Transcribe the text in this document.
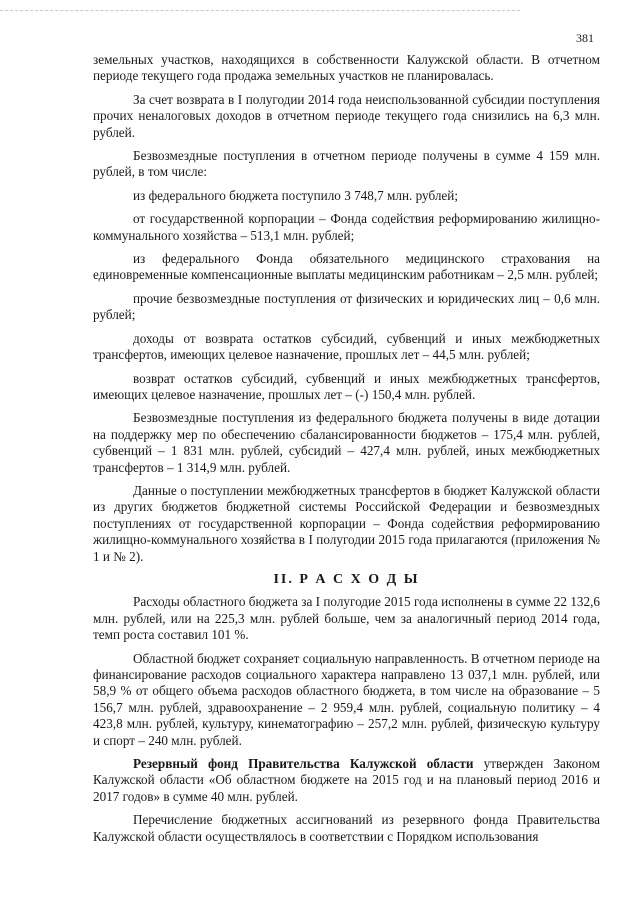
381

земельных участков, находящихся в собственности Калужской области. В отчетном периоде текущего года продажа земельных участков не планировалась.

За счет возврата в I полугодии 2014 года неиспользованной субсидии поступления прочих неналоговых доходов в отчетном периоде текущего года снизились на 6,3 млн. рублей.

Безвозмездные поступления в отчетном периоде получены в сумме 4 159 млн. рублей, в том числе:

из федерального бюджета поступило 3 748,7 млн. рублей;

от государственной корпорации – Фонда содействия реформированию жилищно-коммунального хозяйства – 513,1 млн. рублей;

из федерального Фонда обязательного медицинского страхования на единовременные компенсационные выплаты медицинским работникам – 2,5 млн. рублей;

прочие безвозмездные поступления от физических и юридических лиц – 0,6 млн. рублей;

доходы от возврата остатков субсидий, субвенций и иных межбюджетных трансфертов, имеющих целевое назначение, прошлых лет – 44,5 млн. рублей;

возврат остатков субсидий, субвенций и иных межбюджетных трансфертов, имеющих целевое назначение, прошлых лет – (-) 150,4 млн. рублей.

Безвозмездные поступления из федерального бюджета получены в виде дотации на поддержку мер по обеспечению сбалансированности бюджетов – 175,4 млн. рублей, субвенций – 1 831 млн. рублей, субсидий – 427,4 млн. рублей, иных межбюджетных трансфертов – 1 314,9 млн. рублей.

Данные о поступлении межбюджетных трансфертов в бюджет Калужской области из других бюджетов бюджетной системы Российской Федерации и безвозмездных поступлениях от государственной корпорации – Фонда содействия реформированию жилищно-коммунального хозяйства в I полугодии 2015 года прилагаются (приложения № 1 и № 2).

II. Р А С Х О Д Ы

Расходы областного бюджета за I полугодие 2015 года исполнены в сумме 22 132,6 млн. рублей, или на 225,3 млн. рублей больше, чем за аналогичный период 2014 года, темп роста составил 101 %.

Областной бюджет сохраняет социальную направленность. В отчетном периоде на финансирование расходов социального характера направлено 13 037,1 млн. рублей, или 58,9 % от общего объема расходов областного бюджета, в том числе на образование – 5 156,7 млн. рублей, здравоохранение – 2 959,4 млн. рублей, социальную политику – 4 423,8 млн. рублей, культуру, кинематографию – 257,2 млн. рублей, физическую культуру и спорт – 240 млн. рублей.

Резервный фонд Правительства Калужской области утвержден Законом Калужской области «Об областном бюджете на 2015 год и на плановый период 2016 и 2017 годов» в сумме 40 млн. рублей.

Перечисление бюджетных ассигнований из резервного фонда Правительства Калужской области осуществлялось в соответствии с Порядком использования
